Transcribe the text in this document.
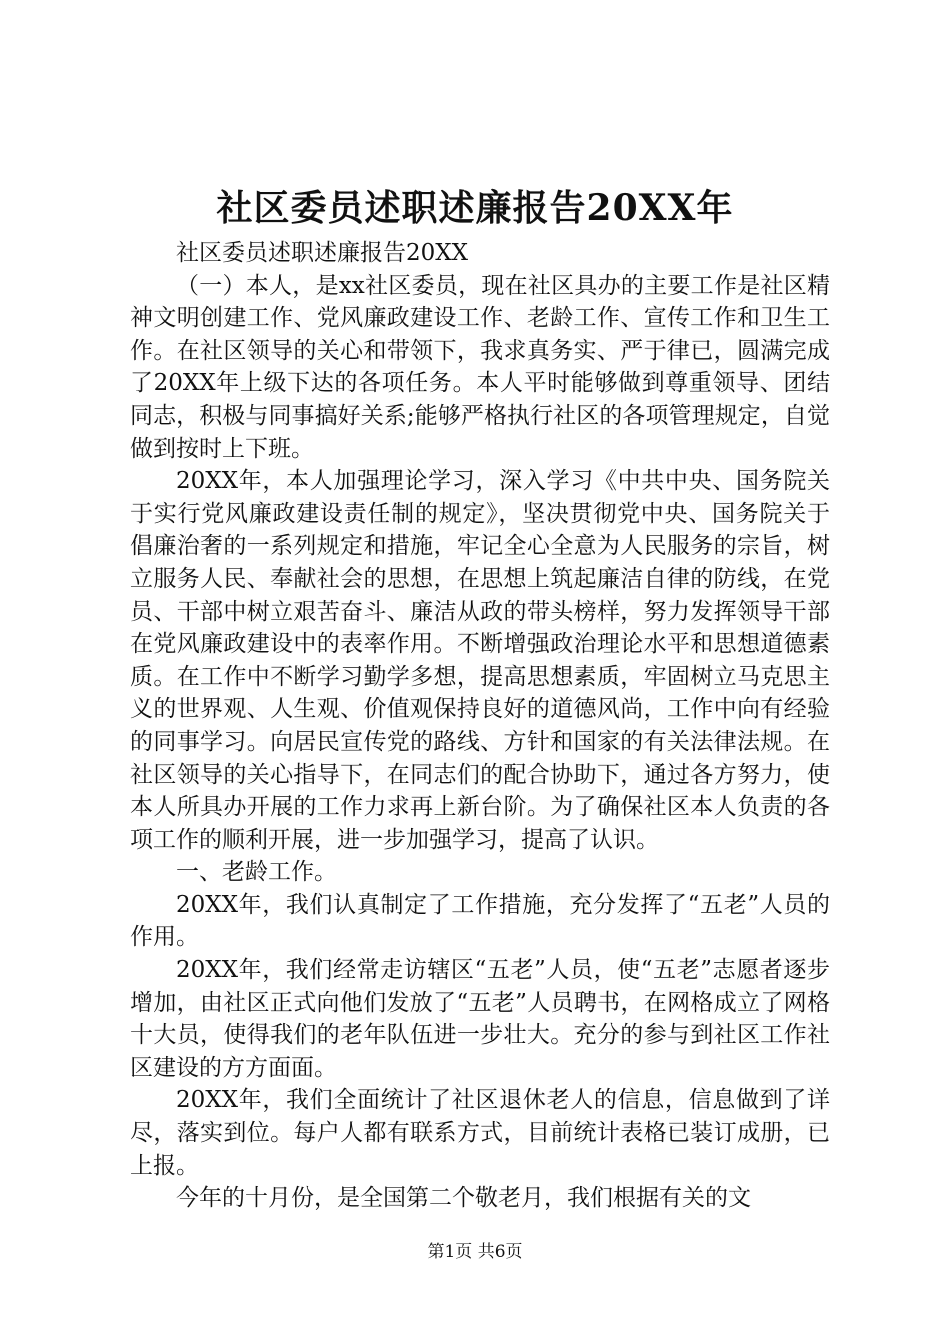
社区委员述职述廉报告20XX年

社区委员述职述廉报告20XX

（一）本人，是xx社区委员，现在社区具办的主要工作是社区精神文明创建工作、党风廉政建设工作、老龄工作、宣传工作和卫生工作。在社区领导的关心和带领下，我求真务实、严于律已，圆满完成了20XX年上级下达的各项任务。本人平时能够做到尊重领导、团结同志，积极与同事搞好关系;能够严格执行社区的各项管理规定，自觉做到按时上下班。

20XX年，本人加强理论学习，深入学习《中共中央、国务院关于实行党风廉政建设责任制的规定》，坚决贯彻党中央、国务院关于倡廉治奢的一系列规定和措施，牢记全心全意为人民服务的宗旨，树立服务人民、奉献社会的思想，在思想上筑起廉洁自律的防线，在党员、干部中树立艰苦奋斗、廉洁从政的带头榜样，努力发挥领导干部在党风廉政建设中的表率作用。不断增强政治理论水平和思想道德素质。在工作中不断学习勤学多想，提高思想素质，牢固树立马克思主义的世界观、人生观、价值观保持良好的道德风尚，工作中向有经验的同事学习。向居民宣传党的路线、方针和国家的有关法律法规。在社区领导的关心指导下，在同志们的配合协助下，通过各方努力，使本人所具办开展的工作力求再上新台阶。为了确保社区本人负责的各项工作的顺利开展，进一步加强学习，提高了认识。

一、老龄工作。

20XX年，我们认真制定了工作措施，充分发挥了“五老”人员的作用。

20XX年，我们经常走访辖区“五老”人员，使“五老”志愿者逐步增加，由社区正式向他们发放了“五老”人员聘书，在网格成立了网格十大员，使得我们的老年队伍进一步壮大。充分的参与到社区工作社区建设的方方面面。

20XX年，我们全面统计了社区退休老人的信息，信息做到了详尽，落实到位。每户人都有联系方式，目前统计表格已装订成册，已上报。

今年的十月份，是全国第二个敬老月，我们根据有关的文

第1页 共6页
